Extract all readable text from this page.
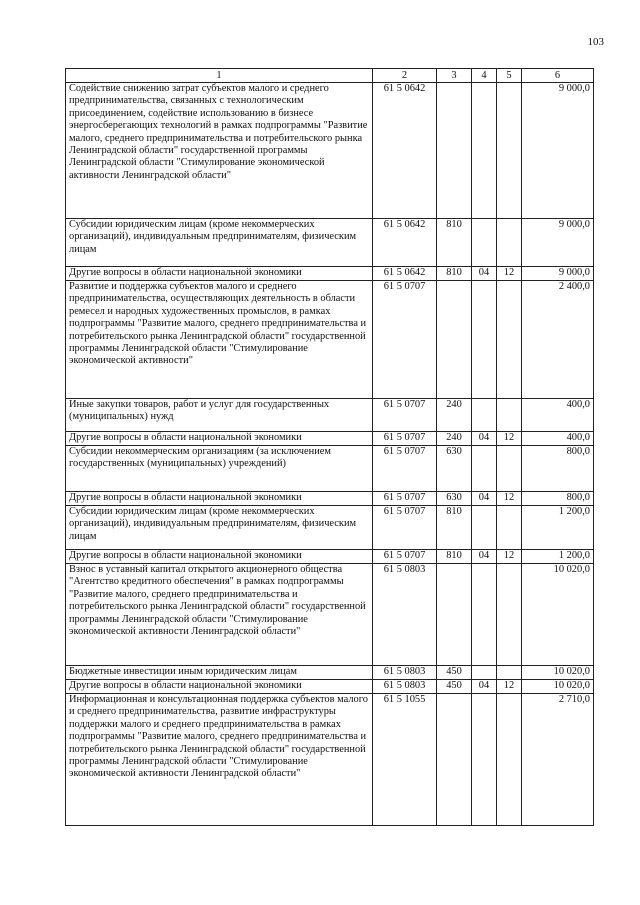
103
1	2	3	4	5	6
Содействие снижению затрат субъектов малого и среднего предпринимательства, связанных с технологическим присоединением, содействие использованию в бизнесе энергосберегающих технологий в рамках подпрограммы "Развитие малого, среднего предпринимательства и потребительского рынка Ленинградской области" государственной программы Ленинградской области "Стимулирование экономической активности Ленинградской области"	61 5 0642				9 000,0
Субсидии юридическим лицам (кроме некоммерческих организаций), индивидуальным предпринимателям, физическим лицам	61 5 0642	810			9 000,0
Другие вопросы в области национальной экономики	61 5 0642	810	04	12	9 000,0
Развитие и поддержка субъектов малого и среднего предпринимательства, осуществляющих деятельность в области ремесел и народных художественных промыслов, в рамках подпрограммы "Развитие малого, среднего предпринимательства и потребительского рынка Ленинградской области" государственной программы Ленинградской области "Стимулирование экономической активности"	61 5 0707				2 400,0
Иные закупки товаров, работ и услуг для государственных (муниципальных) нужд	61 5 0707	240			400,0
Другие вопросы в области национальной экономики	61 5 0707	240	04	12	400,0
Субсидии некоммерческим организациям (за исключением государственных (муниципальных) учреждений)	61 5 0707	630			800,0
Другие вопросы в области национальной экономики	61 5 0707	630	04	12	800,0
Субсидии юридическим лицам (кроме некоммерческих организаций), индивидуальным предпринимателям, физическим лицам	61 5 0707	810			1 200,0
Другие вопросы в области национальной экономики	61 5 0707	810	04	12	1 200,0
Взнос в уставный капитал открытого акционерного общества "Агентство кредитного обеспечения" в рамках подпрограммы "Развитие малого, среднего предпринимательства и потребительского рынка Ленинградской области" государственной программы Ленинградской области "Стимулирование экономической активности Ленинградской области"	61 5 0803				10 020,0
Бюджетные инвестиции иным юридическим лицам	61 5 0803	450			10 020,0
Другие вопросы в области национальной экономики	61 5 0803	450	04	12	10 020,0
Информационная и консультационная поддержка субъектов малого и среднего предпринимательства, развитие инфраструктуры поддержки малого и среднего предпринимательства в рамках подпрограммы "Развитие малого, среднего предпринимательства и потребительского рынка Ленинградской области" государственной программы Ленинградской области "Стимулирование экономической активности Ленинградской области"	61 5 1055				2 710,0
